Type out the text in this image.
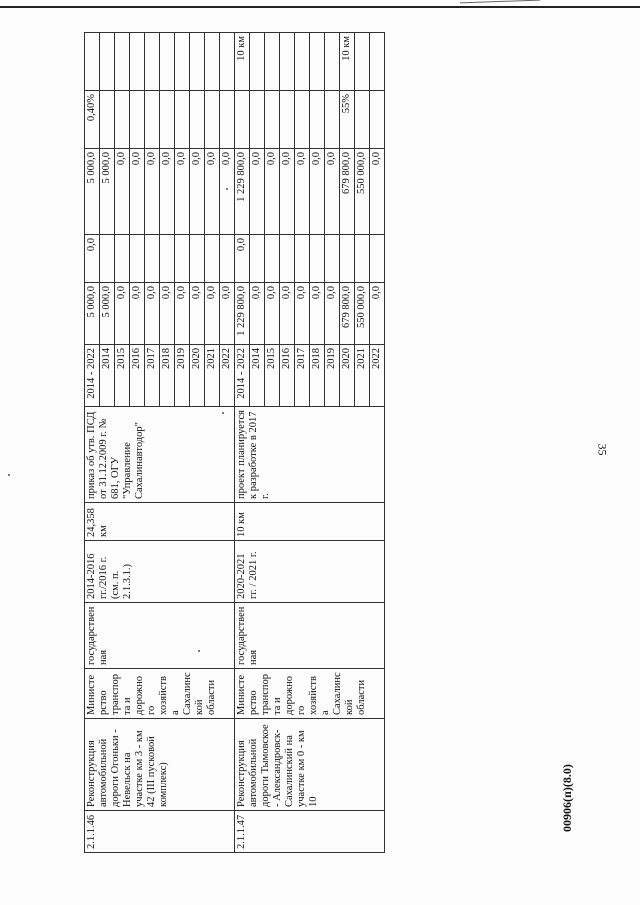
35
00906(п)(8.0)
2.1.1.46	Реконструкция автомобильной дороги Огоньки - Невельск на участке км 3 - км 42 (III пусковой комплекс)	Министерство транспорта и дорожного хозяйства Сахалинской области	государственная	2014-2016 гг./2016 г. (см. п. 2.1.3.1.)	24,358 км	приказ об утв. ПСД от 31.12.2009 г. № 681, ОГУ "Управление Сахалинавтодор"	2014 - 2022	5 000,0	0,0	5 000,0	0,40%	
							2014	5 000,0		5 000,0		
							2015	0,0		0,0		
							2016	0,0		0,0		
							2017	0,0		0,0		
							2018	0,0		0,0		
							2019	0,0		0,0		
							2020	0,0		0,0		
							2021	0,0		0,0		
							2022	0,0		0,0		
2.1.1.47	Реконструкция автомобильной дороги Тымовское - Александровск-Сахалинский на участке км 0 - км 10	Министерство транспорта и дорожного хозяйства Сахалинской области	государственная	2020-2021 гг. / 2021 г.	10 км	проект планируется к разработке в 2017 г.	2014 - 2022	1 229 800,0	0,0	1 229 800,0		10 км
							2014	0,0		0,0		
							2015	0,0		0,0		
							2016	0,0		0,0		
							2017	0,0		0,0		
							2018	0,0		0,0		
							2019	0,0		0,0		
							2020	679 800,0		679 800,0	55%	10 км
							2021	550 000,0		550 000,0		
							2022	0,0		0,0		
